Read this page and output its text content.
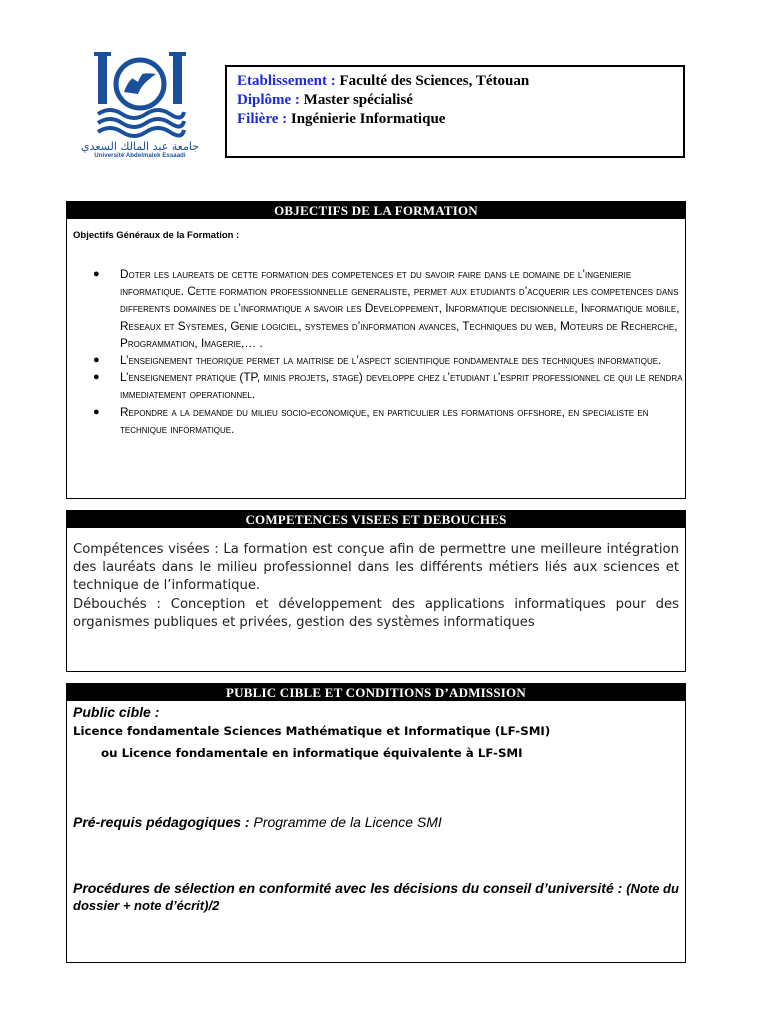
جامعة عبد المالك السعدي
Université Abdelmalek Essaadi
Etablissement : Faculté des Sciences, Tétouan
Diplôme : Master spécialisé
Filière : Ingénierie Informatique
OBJECTIFS DE LA FORMATION
Objectifs Généraux de la Formation :
● Doter les laureats de cette formation des competences et du savoir faire dans le domaine de l’ingenierie informatique. Cette formation professionnelle generaliste, permet aux etudiants d’acquerir les competences dans differents domaines de l’informatique a savoir les Developpement, Informatique decisionnelle, Informatique mobile, Reseaux et Systemes, Genie logiciel, systemes d’information avances, Techniques du web, Moteurs de Recherche, Programmation, Imagerie,… .
● L’enseignement theorique permet la maitrise de l’aspect scientifique fondamentale des techniques informatique.
● L’enseignement pratique (TP, minis projets, stage) developpe chez l’etudiant l’esprit professionnel ce qui le rendra immediatement operationnel.
● Repondre a la demande du milieu socio-economique, en particulier les formations offshore, en specialiste en technique informatique.
COMPETENCES VISEES ET DEBOUCHES

Compétences visées : La formation est conçue afin de permettre une meilleure intégration des lauréats dans le milieu professionnel dans les différents métiers liés aux sciences et technique de l’informatique.

Débouchés : Conception et développement des applications informatiques pour des organismes publiques et privées, gestion des systèmes informatiques

PUBLIC CIBLE ET CONDITIONS D’ADMISSION
Public cible :
Licence fondamentale Sciences Mathématique et Informatique (LF-SMI)
ou Licence fondamentale en informatique équivalente à LF-SMI
Pré-requis pédagogiques : Programme de la Licence SMI
Procédures de sélection en conformité avec les décisions du conseil d’université : (Note du dossier + note d’écrit)/2
